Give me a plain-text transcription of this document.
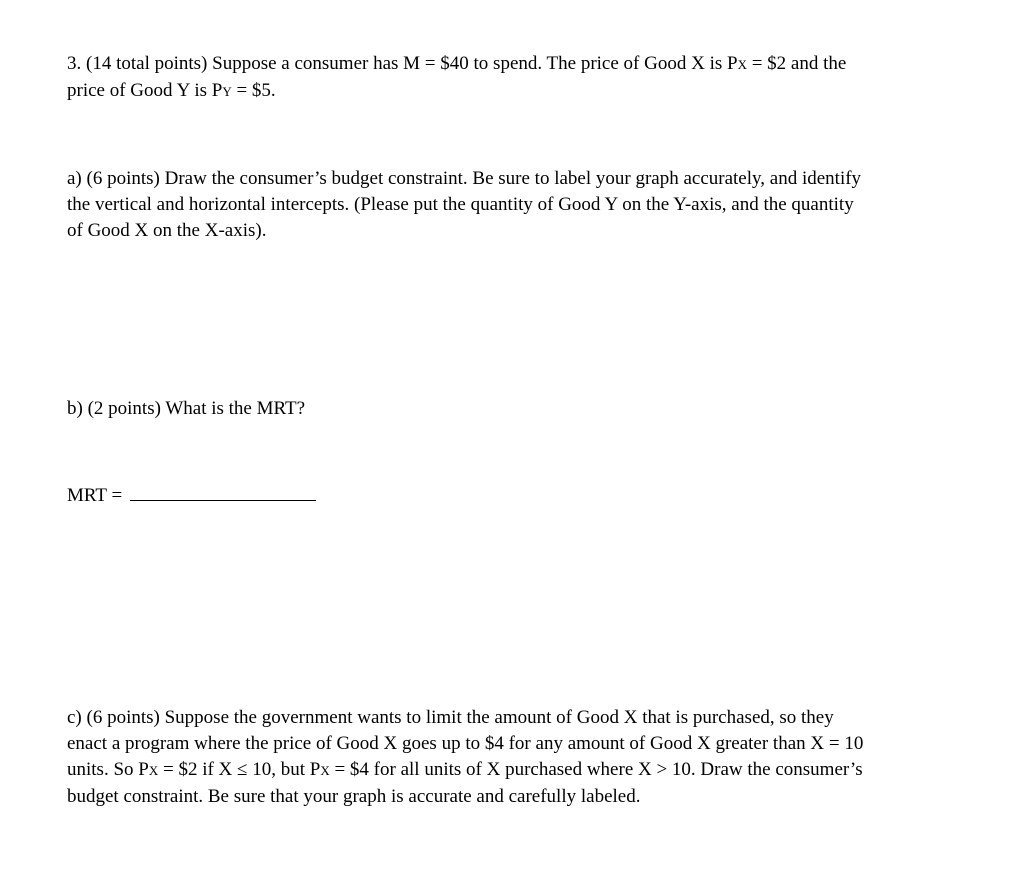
3. (14 total points) Suppose a consumer has M = $40 to spend. The price of Good X is PX = $2 and the
price of Good Y is PY = $5.
a) (6 points) Draw the consumer’s budget constraint. Be sure to label your graph accurately, and identify
the vertical and horizontal intercepts. (Please put the quantity of Good Y on the Y-axis, and the quantity
of Good X on the X-axis).
b) (2 points) What is the MRT?
MRT =
c) (6 points) Suppose the government wants to limit the amount of Good X that is purchased, so they
enact a program where the price of Good X goes up to $4 for any amount of Good X greater than X = 10
units. So PX = $2 if X ≤ 10, but PX = $4 for all units of X purchased where X > 10. Draw the consumer’s
budget constraint. Be sure that your graph is accurate and carefully labeled.
